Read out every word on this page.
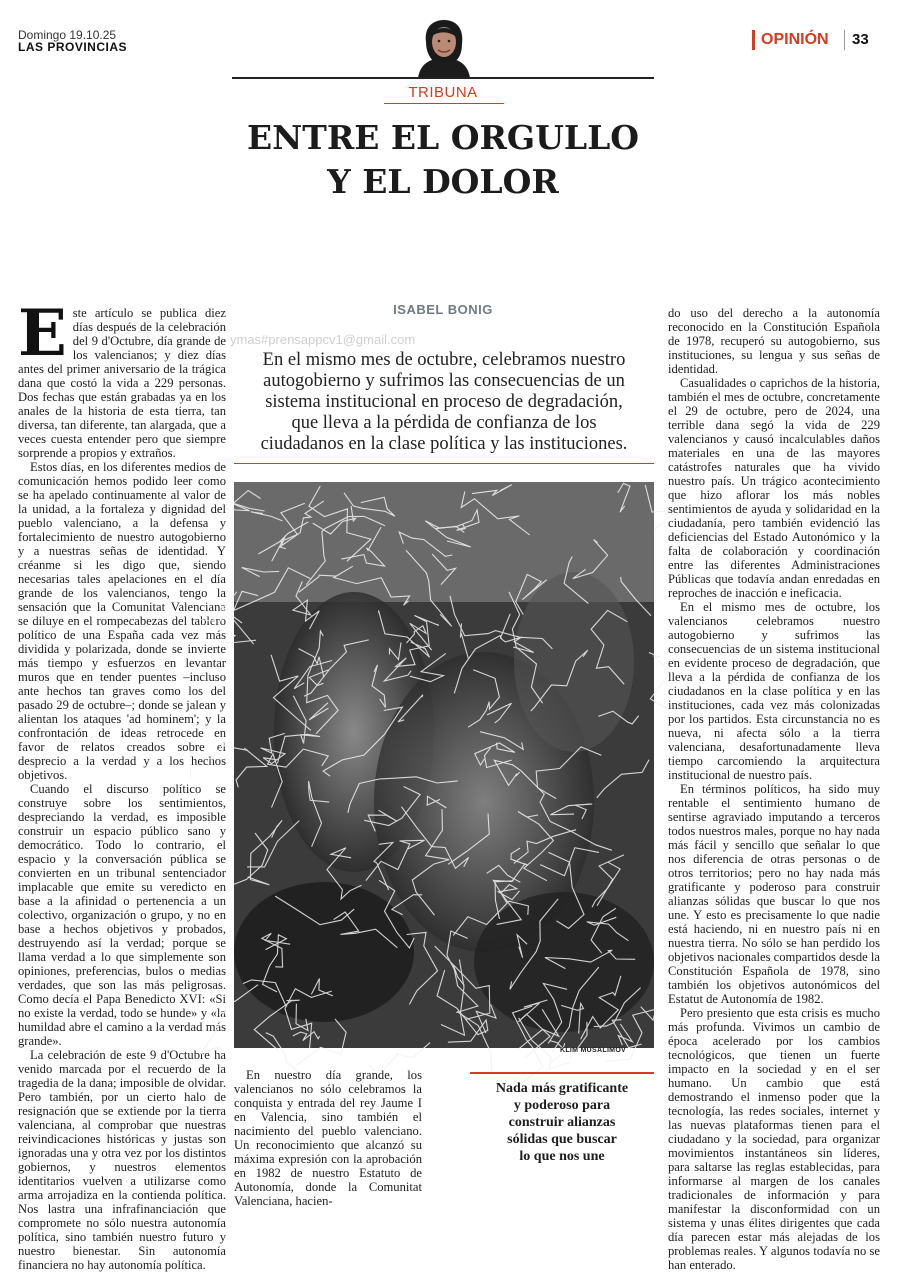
Domingo 19.10.25
LAS PROVINCIAS	OPINIÓN 33
TRIBUNA
ENTRE EL ORGULLO
Y EL DOLOR
E ste artículo se publica diez días después de la celebración del 9 d'Octubre, día grande de los valencianos; y diez días antes del primer aniversario de la trágica dana que costó la vida a 229 personas. Dos fechas que están grabadas ya en los anales de la historia de esta tierra, tan diversa, tan diferente, tan alargada, que a veces cuesta entender pero que siempre sorprende a propios y extraños.

Estos días, en los diferentes medios de comunicación hemos podido leer como se ha apelado continuamente al valor de la unidad, a la fortaleza y dignidad del pueblo valenciano, a la defensa y fortalecimiento de nuestro autogobierno y a nuestras señas de identidad. Y créanme si les digo que, siendo necesarias tales apelaciones en el día grande de los valencianos, tengo la sensación que la Comunitat Valenciana se diluye en el rompecabezas del tablero político de una España cada vez más dividida y polarizada, donde se invierte más tiempo y esfuerzos en levantar muros que en tender puentes –incluso ante hechos tan graves como los del pasado 29 de octubre–; donde se jalean y alientan los ataques 'ad hominem'; y la confrontación de ideas retrocede en favor de relatos creados sobre el desprecio a la verdad y a los hechos objetivos.

Cuando el discurso político se construye sobre los sentimientos, despreciando la verdad, es imposible construir un espacio público sano y democrático. Todo lo contrario, el espacio y la conversación pública se convierten en un tribunal sentenciador implacable que emite su veredicto en base a la afinidad o pertenencia a un colectivo, organización o grupo, y no en base a hechos objetivos y probados, destruyendo así la verdad; porque se llama verdad a lo que simplemente son opiniones, preferencias, bulos o medias verdades, que son las más peligrosas. Como decía el Papa Benedicto XVI: «Si no existe la verdad, todo se hunde» y «la humildad abre el camino a la verdad más grande».

La celebración de este 9 d'Octubre ha venido marcada por el recuerdo de la tragedia de la dana; imposible de olvidar. Pero también, por un cierto halo de resignación que se extiende por la tierra valenciana, al comprobar que nuestras reivindicaciones históricas y justas son ignoradas una y otra vez por los distintos gobiernos, y nuestros elementos identitarios vuelven a utilizarse como arma arrojadiza en la contienda política. Nos lastra una infrafinanciación que compromete no sólo nuestra autonomía política, sino también nuestro futuro y nuestro bienestar. Sin autonomía financiera no hay autonomía política.

ISABEL BONIG
ymas#prensappcv1@gmail.com
En el mismo mes de octubre, celebramos nuestro autogobierno y sufrimos las consecuencias de un sistema institucional en proceso de degradación, que lleva a la pérdida de confianza de los ciudadanos en la clase política y las instituciones.
KLIM MUSALIMOV

En nuestro día grande, los valencianos no sólo celebramos la conquista y entrada del rey Jaume I en Valencia, sino también el nacimiento del pueblo valenciano. Un reconocimiento que alcanzó su máxima expresión con la aprobación en 1982 de nuestro Estatuto de Autonomía, donde la Comunitat Valenciana, hacien-

Nada más gratificante
y poderoso para
construir alianzas
sólidas que buscar
lo que nos une

do uso del derecho a la autonomía reconocido en la Constitución Española de 1978, recuperó su autogobierno, sus instituciones, su lengua y sus señas de identidad.

Casualidades o caprichos de la historia, también el mes de octubre, concretamente el 29 de octubre, pero de 2024, una terrible dana segó la vida de 229 valencianos y causó incalculables daños materiales en una de las mayores catástrofes naturales que ha vivido nuestro país. Un trágico acontecimiento que hizo aflorar los más nobles sentimientos de ayuda y solidaridad en la ciudadanía, pero también evidenció las deficiencias del Estado Autonómico y la falta de colaboración y coordinación entre las diferentes Administraciones Públicas que todavía andan enredadas en reproches de inacción e ineficacia.

En el mismo mes de octubre, los valencianos celebramos nuestro autogobierno y sufrimos las consecuencias de un sistema institucional en evidente proceso de degradación, que lleva a la pérdida de confianza de los ciudadanos en la clase política y en las instituciones, cada vez más colonizadas por los partidos. Esta circunstancia no es nueva, ni afecta sólo a la tierra valenciana, desafortunadamente lleva tiempo carcomiendo la arquitectura institucional de nuestro país.

En términos políticos, ha sido muy rentable el sentimiento humano de sentirse agraviado imputando a terceros todos nuestros males, porque no hay nada más fácil y sencillo que señalar lo que nos diferencia de otras personas o de otros territorios; pero no hay nada más gratificante y poderoso para construir alianzas sólidas que buscar lo que nos une. Y esto es precisamente lo que nadie está haciendo, ni en nuestro país ni en nuestra tierra. No sólo se han perdido los objetivos nacionales compartidos desde la Constitución Española de 1978, sino también los objetivos autonómicos del Estatut de Autonomía de 1982.

Pero presiento que esta crisis es mucho más profunda. Vivimos un cambio de época acelerado por los cambios tecnológicos, que tienen un fuerte impacto en la sociedad y en el ser humano. Un cambio que está demostrando el inmenso poder que la tecnología, las redes sociales, internet y las nuevas plataformas tienen para el ciudadano y la sociedad, para organizar movimientos instantáneos sin líderes, para saltarse las reglas establecidas, para informarse al margen de los canales tradicionales de información y para manifestar la disconformidad con un sistema y unas élites dirigentes que cada día parecen estar más alejadas de los problemas reales. Y algunos todavía no se han enterado.
